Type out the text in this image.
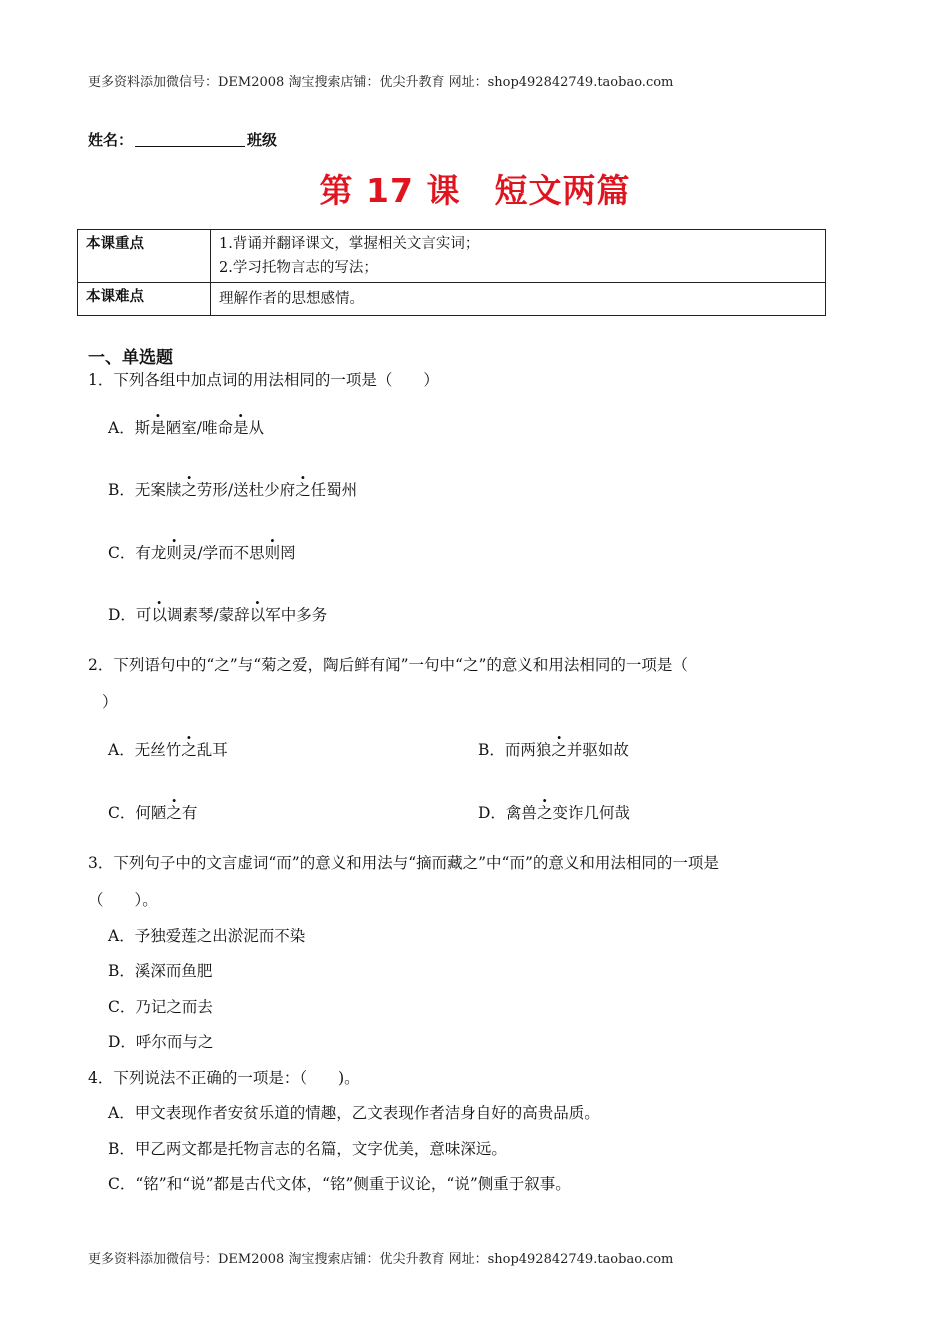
更多资料添加微信号：DEM2008 淘宝搜索店铺：优尖升教育 网址：shop492842749.taobao.com
姓名：	班级
第 17 课　短文两篇
本课重点	1.背诵并翻译课文，掌握相关文言实词；
2.学习托物言志的写法；

本课难点	理解作者的思想感情。
一、单选题
1．下列各组中加点词的用法相同的一项是（　　）
A．斯是陋室/唯命是从
B．无案牍之劳形/送杜少府之任蜀州
C．有龙则灵/学而不思则罔
D．可以调素琴/蒙辞以军中多务
2．下列语句中的“之”与“菊之爱，陶后鲜有闻”一句中“之”的意义和用法相同的一项是（
）
A．无丝竹之乱耳	B．而两狼之并驱如故
C．何陋之有	D．禽兽之变诈几何哉
3．下列句子中的文言虚词“而”的意义和用法与“摘而藏之”中“而”的意义和用法相同的一项是
（　　）。
A．予独爱莲之出淤泥而不染
B．溪深而鱼肥
C．乃记之而去
D．呼尔而与之
4．下列说法不正确的一项是：（　　)。
A．甲文表现作者安贫乐道的情趣，乙文表现作者洁身自好的高贵品质。
B．甲乙两文都是托物言志的名篇，文字优美，意味深远。
C．“铭”和“说”都是古代文体，“铭”侧重于议论，“说”侧重于叙事。
更多资料添加微信号：DEM2008 淘宝搜索店铺：优尖升教育 网址：shop492842749.taobao.com
